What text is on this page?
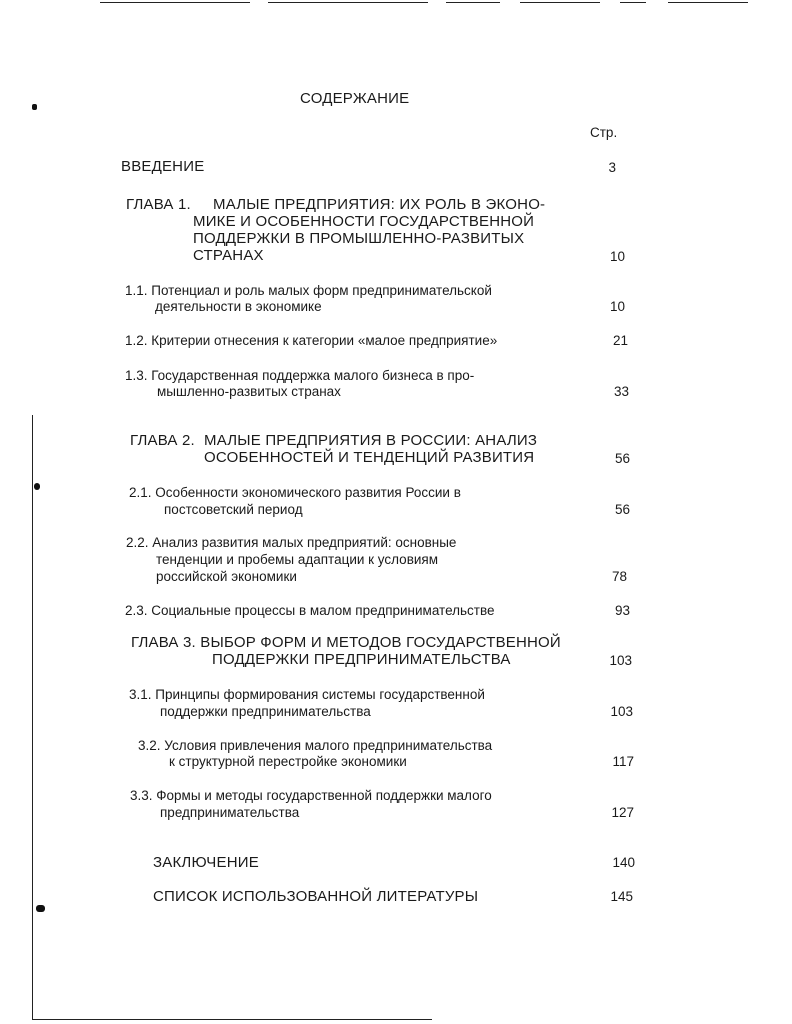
СОДЕРЖАНИЕ
Стр.
ВВЕДЕНИЕ	3
ГЛАВА 1. МАЛЫЕ ПРЕДПРИЯТИЯ: ИХ РОЛЬ В ЭКОНО-
МИКЕ И ОСОБЕННОСТИ ГОСУДАРСТВЕННОЙ
ПОДДЕРЖКИ В ПРОМЫШЛЕННО-РАЗВИТЫХ
СТРАНАХ	10
1.1. Потенциал и роль малых форм предпринимательской
деятельности в экономике	10
1.2. Критерии отнесения к категории «малое предприятие»	21
1.3. Государственная поддержка малого бизнеса в про-
мышленно-развитых странах	33
ГЛАВА 2. МАЛЫЕ ПРЕДПРИЯТИЯ В РОССИИ: АНАЛИЗ
ОСОБЕННОСТЕЙ И ТЕНДЕНЦИЙ РАЗВИТИЯ	56
2.1. Особенности экономического развития России в
постсоветский период	56
2.2. Анализ развития малых предприятий: основные
тенденции и пробемы адаптации к условиям
российской экономики	78
2.3. Социальные процессы в малом предпринимательстве	93
ГЛАВА 3. ВЫБОР ФОРМ И МЕТОДОВ ГОСУДАРСТВЕННОЙ
ПОДДЕРЖКИ ПРЕДПРИНИМАТЕЛЬСТВА	103
3.1. Принципы формирования системы государственной
поддержки предпринимательства	103
3.2. Условия привлечения малого предпринимательства
к структурной перестройке экономики	117
3.3. Формы и методы государственной поддержки малого
предпринимательства	127
ЗАКЛЮЧЕНИЕ	140
СПИСОК ИСПОЛЬЗОВАННОЙ ЛИТЕРАТУРЫ	145
